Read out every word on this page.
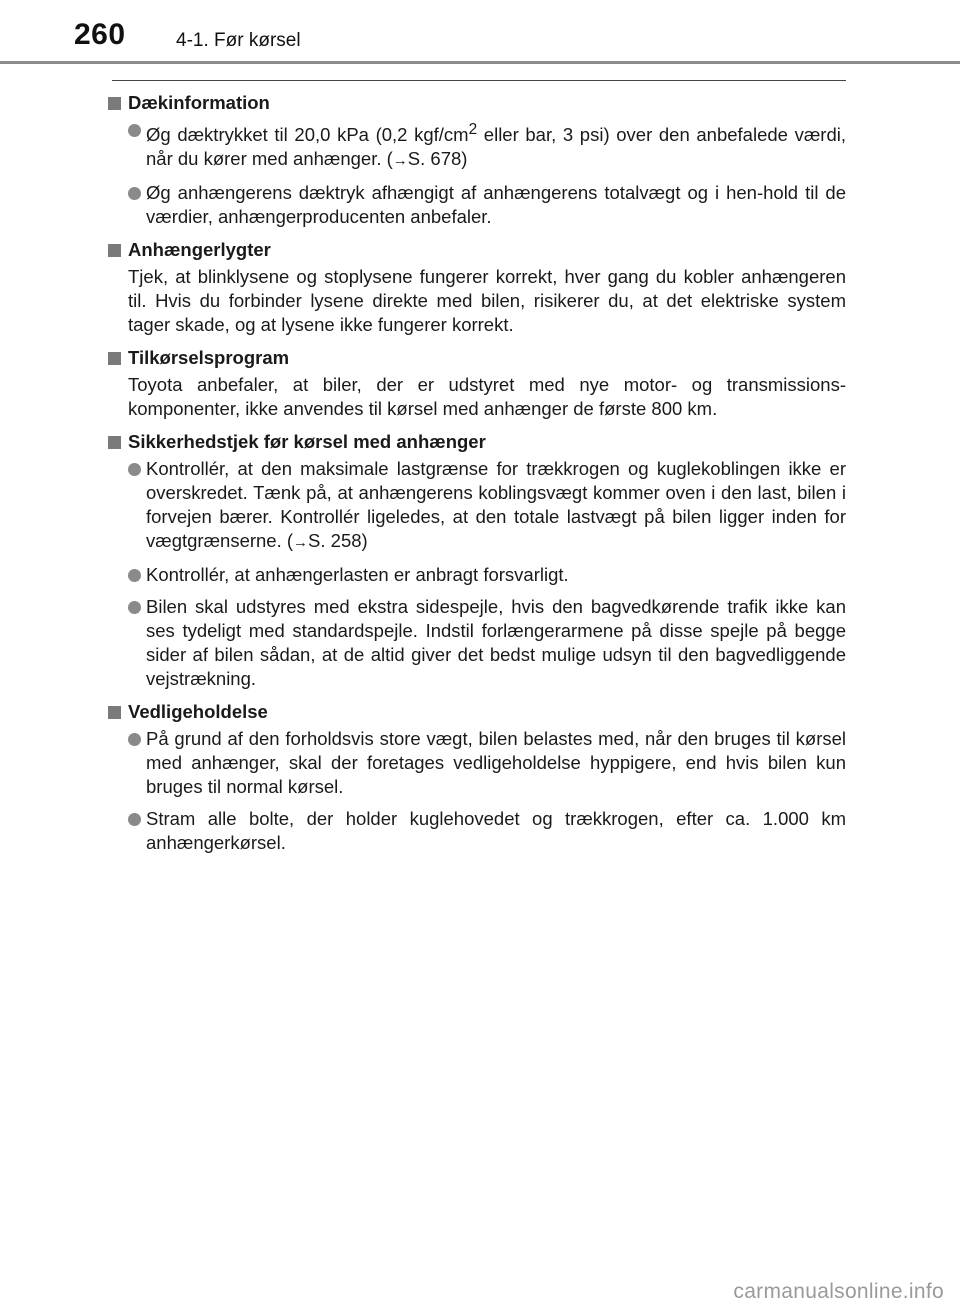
260	4-1. Før kørsel
Dækinformation
Øg dæktrykket til 20,0 kPa (0,2 kgf/$cm^2$ eller bar, 3 psi) over den anbefalede værdi, når du kører med anhænger. (→S. 678)
Øg anhængerens dæktryk afhængigt af anhængerens totalvægt og i hen-hold til de værdier, anhængerproducenten anbefaler.
Anhængerlygter
Tjek, at blinklysene og stoplysene fungerer korrekt, hver gang du kobler anhængeren til. Hvis du forbinder lysene direkte med bilen, risikerer du, at det elektriske system tager skade, og at lysene ikke fungerer korrekt.
Tilkørselsprogram
Toyota anbefaler, at biler, der er udstyret med nye motor- og transmissions-komponenter, ikke anvendes til kørsel med anhænger de første 800 km.
Sikkerhedstjek før kørsel med anhænger
Kontrollér, at den maksimale lastgrænse for trækkrogen og kuglekoblingen ikke er overskredet. Tænk på, at anhængerens koblingsvægt kommer oven i den last, bilen i forvejen bærer. Kontrollér ligeledes, at den totale lastvægt på bilen ligger inden for vægtgrænserne. (→S. 258)
Kontrollér, at anhængerlasten er anbragt forsvarligt.
Bilen skal udstyres med ekstra sidespejle, hvis den bagvedkørende trafik ikke kan ses tydeligt med standardspejle. Indstil forlængerarmene på disse spejle på begge sider af bilen sådan, at de altid giver det bedst mulige udsyn til den bagvedliggende vejstrækning.
Vedligeholdelse
På grund af den forholdsvis store vægt, bilen belastes med, når den bruges til kørsel med anhænger, skal der foretages vedligeholdelse hyppigere, end hvis bilen kun bruges til normal kørsel.
Stram alle bolte, der holder kuglehovedet og trækkrogen, efter ca. 1.000 km anhængerkørsel.
carmanualsonline.info
